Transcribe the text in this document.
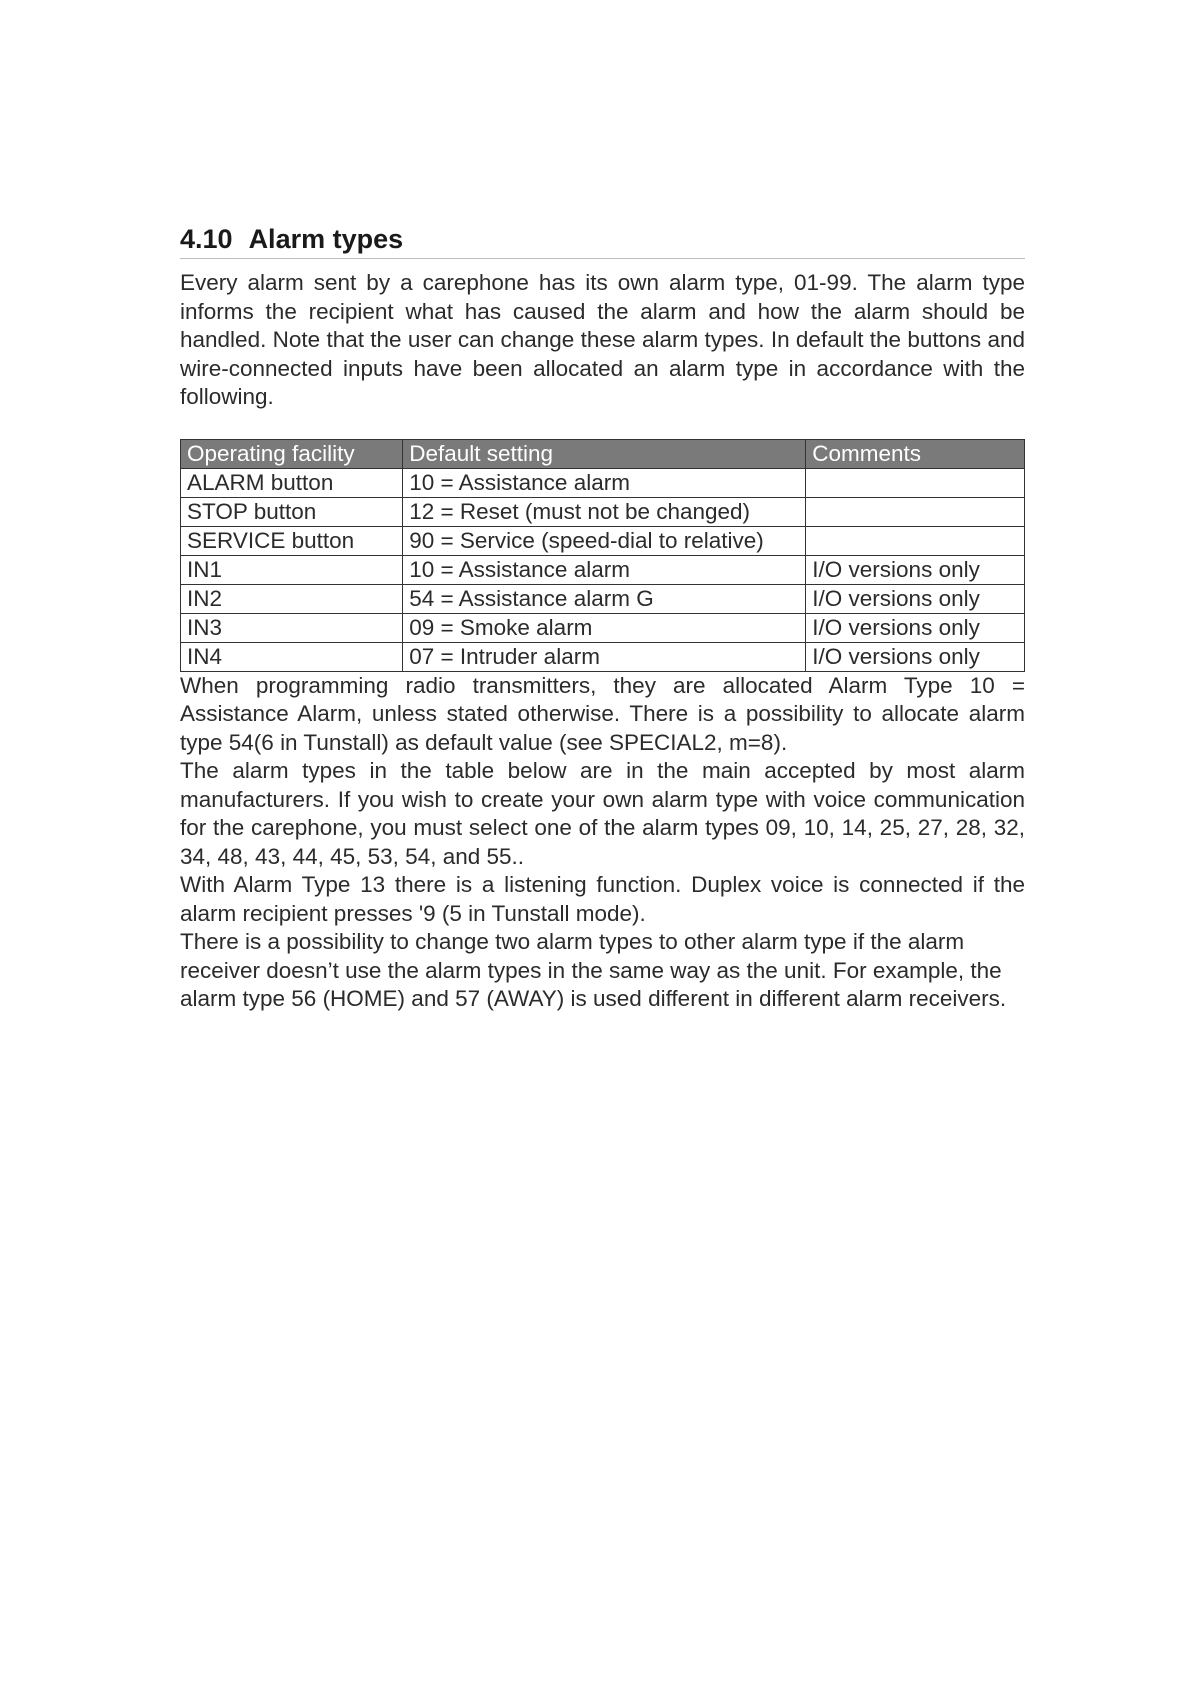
4.10 Alarm types

Every alarm sent by a carephone has its own alarm type, 01-99. The alarm type informs the recipient what has caused the alarm and how the alarm should be handled. Note that the user can change these alarm types. In default the buttons and wire-connected inputs have been allocated an alarm type in accordance with the following.

Operating facility	Default setting	Comments
ALARM button	10 = Assistance alarm	
STOP button	12 = Reset (must not be changed)	
SERVICE button	90 = Service (speed-dial to relative)	
IN1	10 = Assistance alarm	I/O versions only
IN2	54 = Assistance alarm G	I/O versions only
IN3	09 = Smoke alarm	I/O versions only
IN4	07 = Intruder alarm	I/O versions only

When programming radio transmitters, they are allocated Alarm Type 10 = Assistance Alarm, unless stated otherwise. There is a possibility to allocate alarm type 54(6 in Tunstall) as default value (see SPECIAL2, m=8).

The alarm types in the table below are in the main accepted by most alarm manufacturers. If you wish to create your own alarm type with voice communication for the carephone, you must select one of the alarm types 09, 10, 14, 25, 27, 28, 32, 34, 48, 43, 44, 45, 53, 54, and 55..

With Alarm Type 13 there is a listening function. Duplex voice is connected if the alarm recipient presses '9 (5 in Tunstall mode).

There is a possibility to change two alarm types to other alarm type if the alarm receiver doesn’t use the alarm types in the same way as the unit. For example, the alarm type 56 (HOME) and 57 (AWAY) is used different in different alarm receivers.
